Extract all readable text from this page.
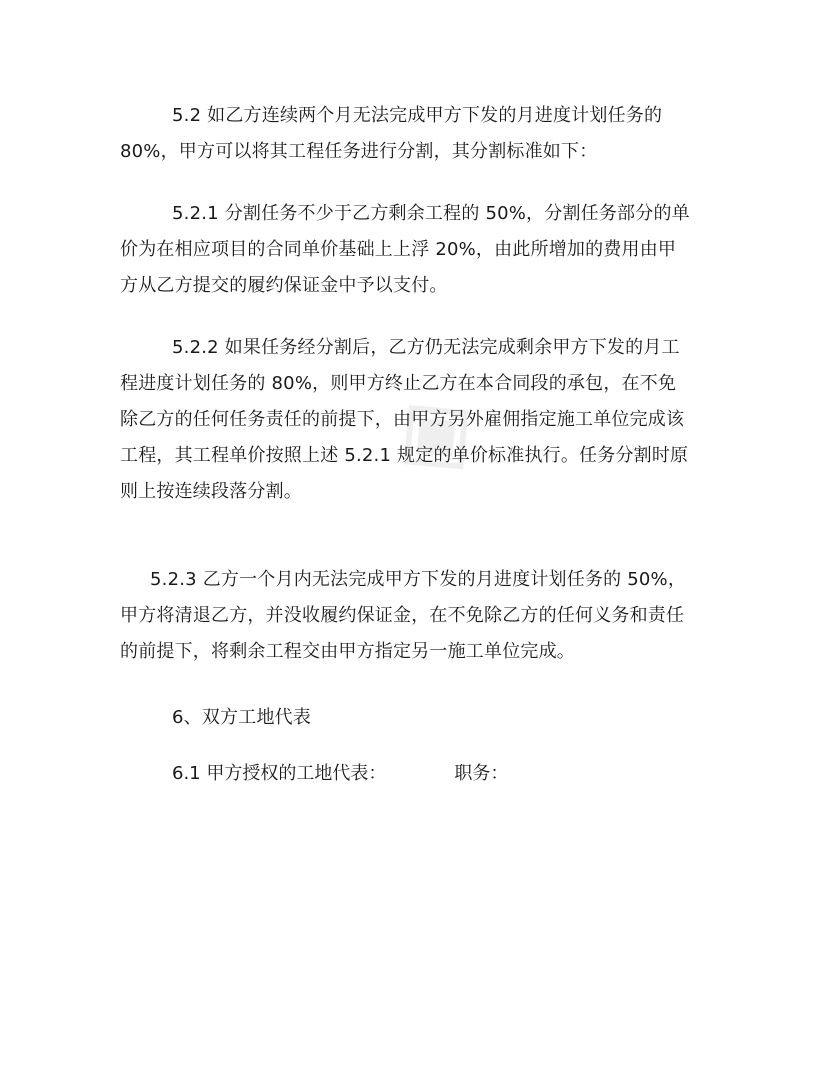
◈

5.2 如乙方连续两个月无法完成甲方下发的月进度计划任务的80%，甲方可以将其工程任务进行分割，其分割标准如下：

5.2.1 分割任务不少于乙方剩余工程的 50%，分割任务部分的单价为在相应项目的合同单价基础上上浮 20%，由此所增加的费用由甲方从乙方提交的履约保证金中予以支付。

5.2.2 如果任务经分割后，乙方仍无法完成剩余甲方下发的月工程进度计划任务的 80%，则甲方终止乙方在本合同段的承包，在不免除乙方的任何任务责任的前提下，由甲方另外雇佣指定施工单位完成该工程，其工程单价按照上述 5.2.1 规定的单价标准执行。任务分割时原则上按连续段落分割。

5.2.3 乙方一个月内无法完成甲方下发的月进度计划任务的 50%，甲方将清退乙方，并没收履约保证金，在不免除乙方的任何义务和责任的前提下，将剩余工程交由甲方指定另一施工单位完成。

6、双方工地代表

6.1 甲方授权的工地代表：	职务：
